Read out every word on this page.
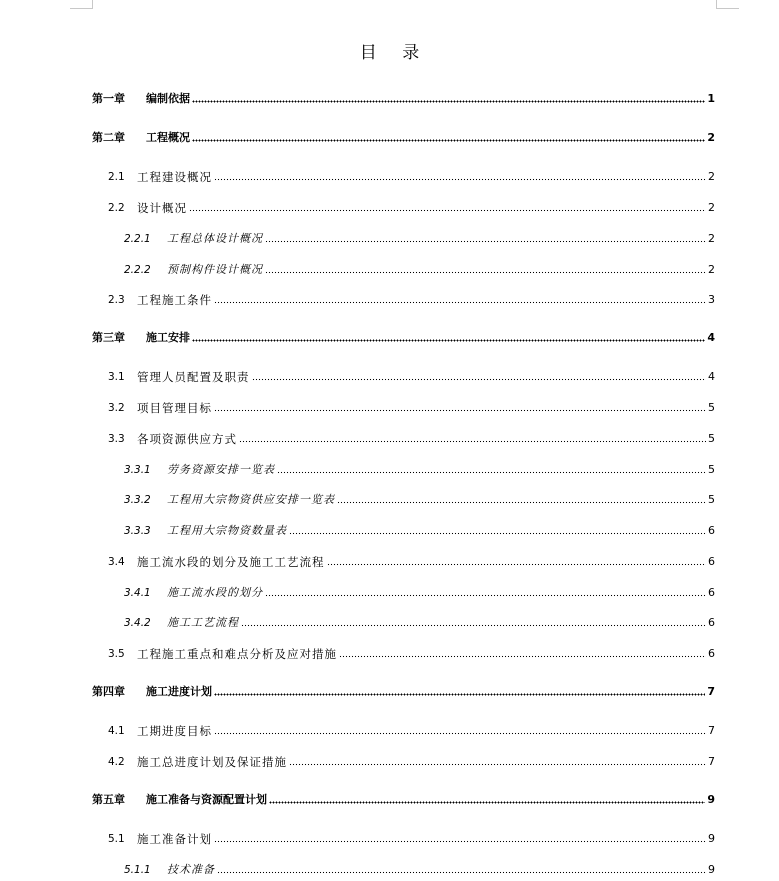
目 录
第一章	编制依据	1
第二章	工程概况	2
2.1	工程建设概况	2
2.2	设计概况	2
2.2.1	工程总体设计概况	2
2.2.2	预制构件设计概况	2
2.3	工程施工条件	3
第三章	施工安排	4
3.1	管理人员配置及职责	4
3.2	项目管理目标	5
3.3	各项资源供应方式	5
3.3.1	劳务资源安排一览表	5
3.3.2	工程用大宗物资供应安排一览表	5
3.3.3	工程用大宗物资数量表	6
3.4	施工流水段的划分及施工工艺流程	6
3.4.1	施工流水段的划分	6
3.4.2	施工工艺流程	6
3.5	工程施工重点和难点分析及应对措施	6
第四章	施工进度计划	7
4.1	工期进度目标	7
4.2	施工总进度计划及保证措施	7
第五章	施工准备与资源配置计划	9
5.1	施工准备计划	9
5.1.1	技术准备	9
